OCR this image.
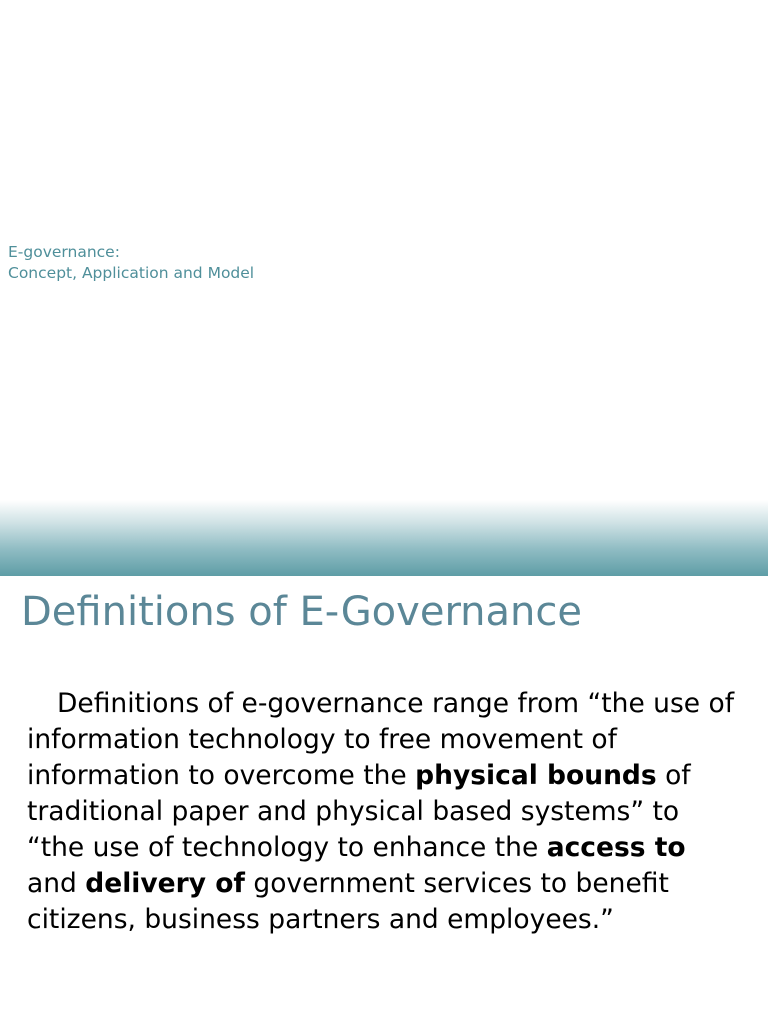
E-governance:
Concept, Application and Model

Definitions of E-Governance

Definitions of e-governance range from “the use of information technology to free movement of information to overcome the physical bounds of traditional paper and physical based systems” to “the use of technology to enhance the access to and delivery of government services to benefit citizens, business partners and employees.”
